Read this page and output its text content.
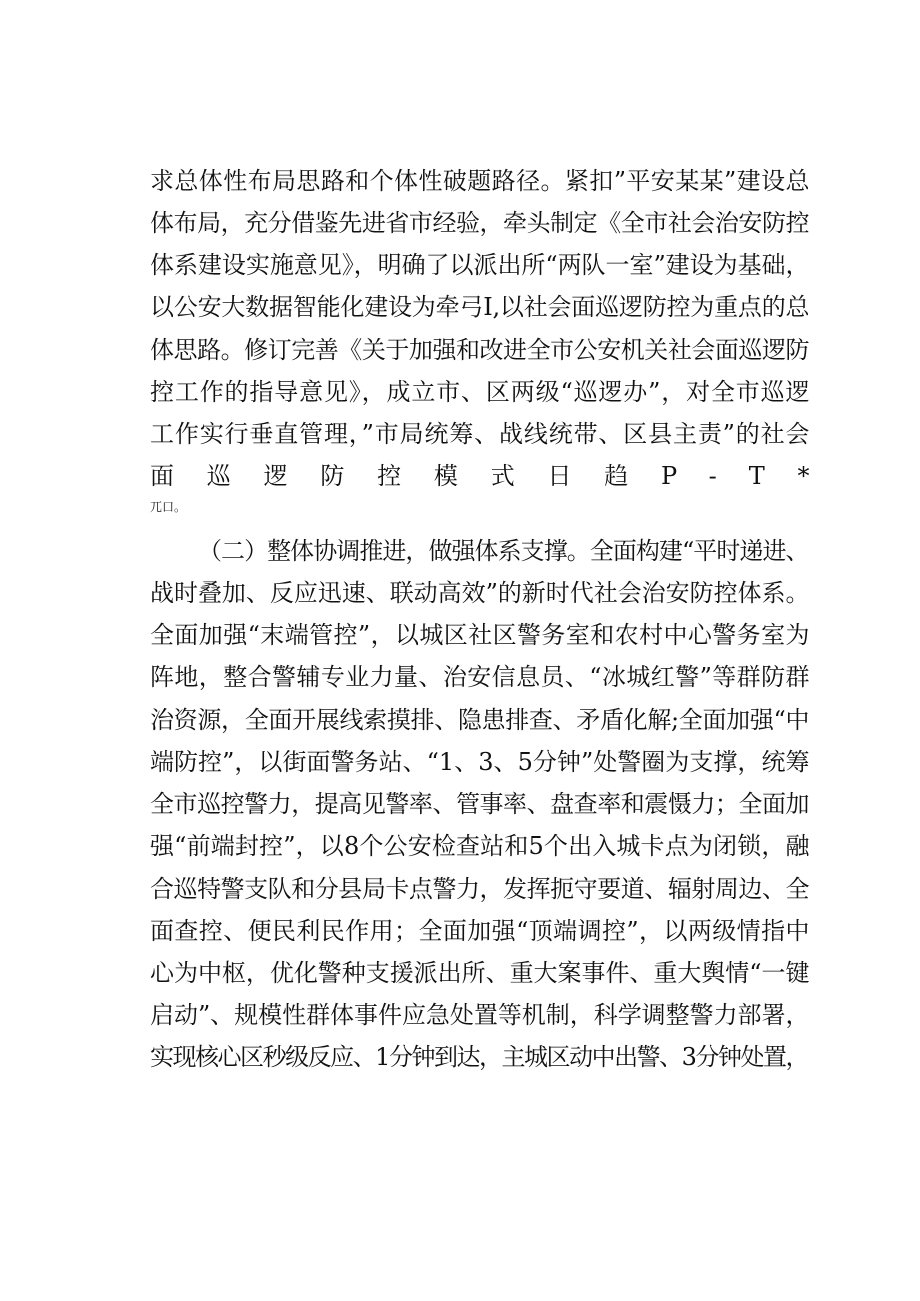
求总体性布局思路和个体性破题路径。紧扣”平安某某”建设总
体布局，充分借鉴先进省市经验，牵头制定《全市社会治安防控
体系建设实施意见》，明确了以派出所“两队一室”建设为基础，
以公安大数据智能化建设为牵弓I,以社会面巡逻防控为重点的总
体思路。修订完善《关于加强和改进全市公安机关社会面巡逻防
控工作的指导意见》，成立市、区两级“巡逻办”，对全市巡逻
工作实行垂直管理，”市局统筹、战线统带、区县主责”的社会
面巡逻防控模式日趋P-T*
兀口。
（二）整体协调推进，做强体系支撑。全面构建“平时递进、
战时叠加、反应迅速、联动高效”的新时代社会治安防控体系。
全面加强“末端管控”，以城区社区警务室和农村中心警务室为
阵地，整合警辅专业力量、治安信息员、“冰城红警”等群防群
治资源，全面开展线索摸排、隐患排查、矛盾化解;全面加强“中
端防控”，以街面警务站、“1、3、5分钟”处警圈为支撑，统筹
全市巡控警力，提高见警率、管事率、盘查率和震慑力；全面加
强“前端封控”，以8个公安检查站和5个出入城卡点为闭锁，融
合巡特警支队和分县局卡点警力，发挥扼守要道、辐射周边、全
面查控、便民利民作用；全面加强“顶端调控”，以两级情指中
心为中枢，优化警种支援派出所、重大案事件、重大舆情“一键
启动”、规模性群体事件应急处置等机制，科学调整警力部署，
实现核心区秒级反应、1分钟到达，主城区动中出警、3分钟处置，
